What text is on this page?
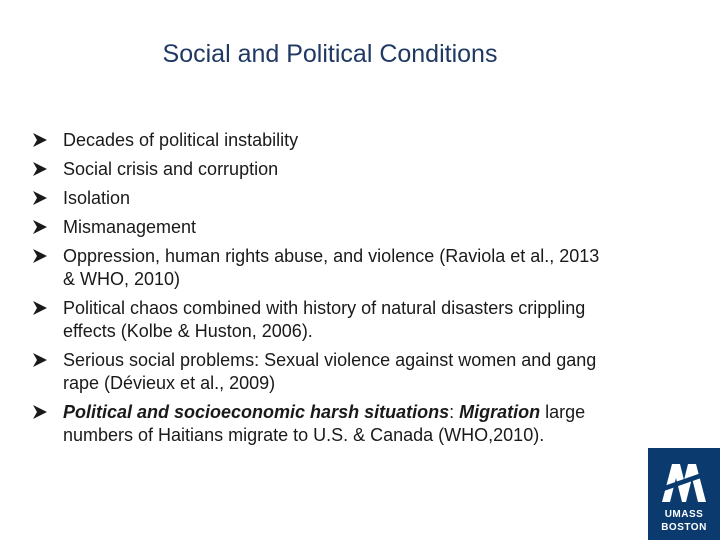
Social and Political Conditions
Decades of political instability
Social crisis and corruption
Isolation
Mismanagement
Oppression, human rights abuse, and violence (Raviola et al., 2013 & WHO, 2010)
Political chaos combined with history of natural disasters crippling effects (Kolbe & Huston, 2006).
Serious social problems: Sexual violence against women and gang rape (Dévieux et al., 2009)
Political and socioeconomic harsh situations: Migration large numbers of Haitians migrate to U.S. & Canada (WHO,2010).
UMASS
BOSTON
